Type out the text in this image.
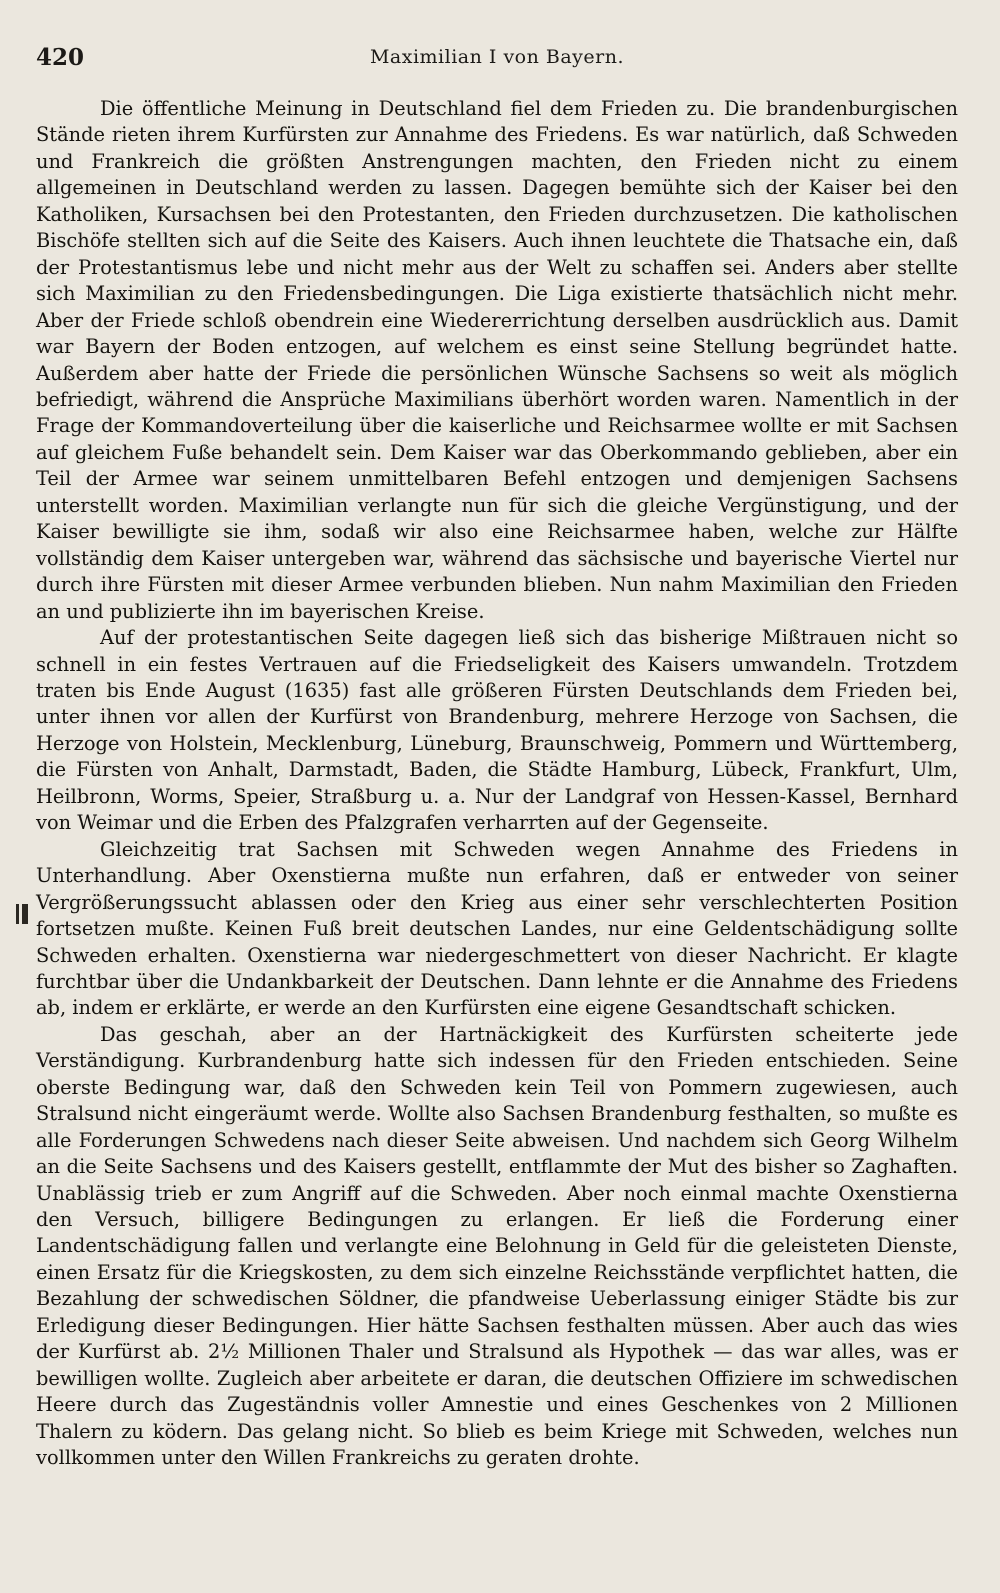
420	Maximilian I von Bayern.

Die öffentliche Meinung in Deutschland fiel dem Frieden zu. Die brandenburgischen Stände rieten ihrem Kurfürsten zur Annahme des Friedens. Es war natürlich, daß Schweden und Frankreich die größten Anstrengungen machten, den Frieden nicht zu einem allgemeinen in Deutschland werden zu lassen. Dagegen bemühte sich der Kaiser bei den Katholiken, Kursachsen bei den Protestanten, den Frieden durchzusetzen. Die katholischen Bischöfe stellten sich auf die Seite des Kaisers. Auch ihnen leuchtete die Thatsache ein, daß der Protestantismus lebe und nicht mehr aus der Welt zu schaffen sei. Anders aber stellte sich Maximilian zu den Friedensbedingungen. Die Liga existierte thatsächlich nicht mehr. Aber der Friede schloß obendrein eine Wiedererrichtung derselben ausdrücklich aus. Damit war Bayern der Boden entzogen, auf welchem es einst seine Stellung begründet hatte. Außerdem aber hatte der Friede die persönlichen Wünsche Sachsens so weit als möglich befriedigt, während die Ansprüche Maximilians überhört worden waren. Namentlich in der Frage der Kommandoverteilung über die kaiserliche und Reichsarmee wollte er mit Sachsen auf gleichem Fuße behandelt sein. Dem Kaiser war das Oberkommando geblieben, aber ein Teil der Armee war seinem unmittelbaren Befehl entzogen und demjenigen Sachsens unterstellt worden. Maximilian verlangte nun für sich die gleiche Vergünstigung, und der Kaiser bewilligte sie ihm, sodaß wir also eine Reichsarmee haben, welche zur Hälfte vollständig dem Kaiser untergeben war, während das sächsische und bayerische Viertel nur durch ihre Fürsten mit dieser Armee verbunden blieben. Nun nahm Maximilian den Frieden an und publizierte ihn im bayerischen Kreise.

Auf der protestantischen Seite dagegen ließ sich das bisherige Mißtrauen nicht so schnell in ein festes Vertrauen auf die Friedseligkeit des Kaisers umwandeln. Trotzdem traten bis Ende August (1635) fast alle größeren Fürsten Deutschlands dem Frieden bei, unter ihnen vor allen der Kurfürst von Brandenburg, mehrere Herzoge von Sachsen, die Herzoge von Holstein, Mecklenburg, Lüneburg, Braunschweig, Pommern und Württemberg, die Fürsten von Anhalt, Darmstadt, Baden, die Städte Hamburg, Lübeck, Frankfurt, Ulm, Heilbronn, Worms, Speier, Straßburg u. a. Nur der Landgraf von Hessen-Kassel, Bernhard von Weimar und die Erben des Pfalzgrafen verharrten auf der Gegenseite.

Gleichzeitig trat Sachsen mit Schweden wegen Annahme des Friedens in Unterhandlung. Aber Oxenstierna mußte nun erfahren, daß er entweder von seiner Vergrößerungssucht ablassen oder den Krieg aus einer sehr verschlechterten Position fortsetzen mußte. Keinen Fuß breit deutschen Landes, nur eine Geldentschädigung sollte Schweden erhalten. Oxenstierna war niedergeschmettert von dieser Nachricht. Er klagte furchtbar über die Undankbarkeit der Deutschen. Dann lehnte er die Annahme des Friedens ab, indem er erklärte, er werde an den Kurfürsten eine eigene Gesandtschaft schicken.

Das geschah, aber an der Hartnäckigkeit des Kurfürsten scheiterte jede Verständigung. Kurbrandenburg hatte sich indessen für den Frieden entschieden. Seine oberste Bedingung war, daß den Schweden kein Teil von Pommern zugewiesen, auch Stralsund nicht eingeräumt werde. Wollte also Sachsen Brandenburg festhalten, so mußte es alle Forderungen Schwedens nach dieser Seite abweisen. Und nachdem sich Georg Wilhelm an die Seite Sachsens und des Kaisers gestellt, entflammte der Mut des bisher so Zaghaften. Unablässig trieb er zum Angriff auf die Schweden. Aber noch einmal machte Oxenstierna den Versuch, billigere Bedingungen zu erlangen. Er ließ die Forderung einer Landentschädigung fallen und verlangte eine Belohnung in Geld für die geleisteten Dienste, einen Ersatz für die Kriegskosten, zu dem sich einzelne Reichsstände verpflichtet hatten, die Bezahlung der schwedischen Söldner, die pfandweise Ueberlassung einiger Städte bis zur Erledigung dieser Bedingungen. Hier hätte Sachsen festhalten müssen. Aber auch das wies der Kurfürst ab. 2½ Millionen Thaler und Stralsund als Hypothek — das war alles, was er bewilligen wollte. Zugleich aber arbeitete er daran, die deutschen Offiziere im schwedischen Heere durch das Zugeständnis voller Amnestie und eines Geschenkes von 2 Millionen Thalern zu ködern. Das gelang nicht. So blieb es beim Kriege mit Schweden, welches nun vollkommen unter den Willen Frankreichs zu geraten drohte.
